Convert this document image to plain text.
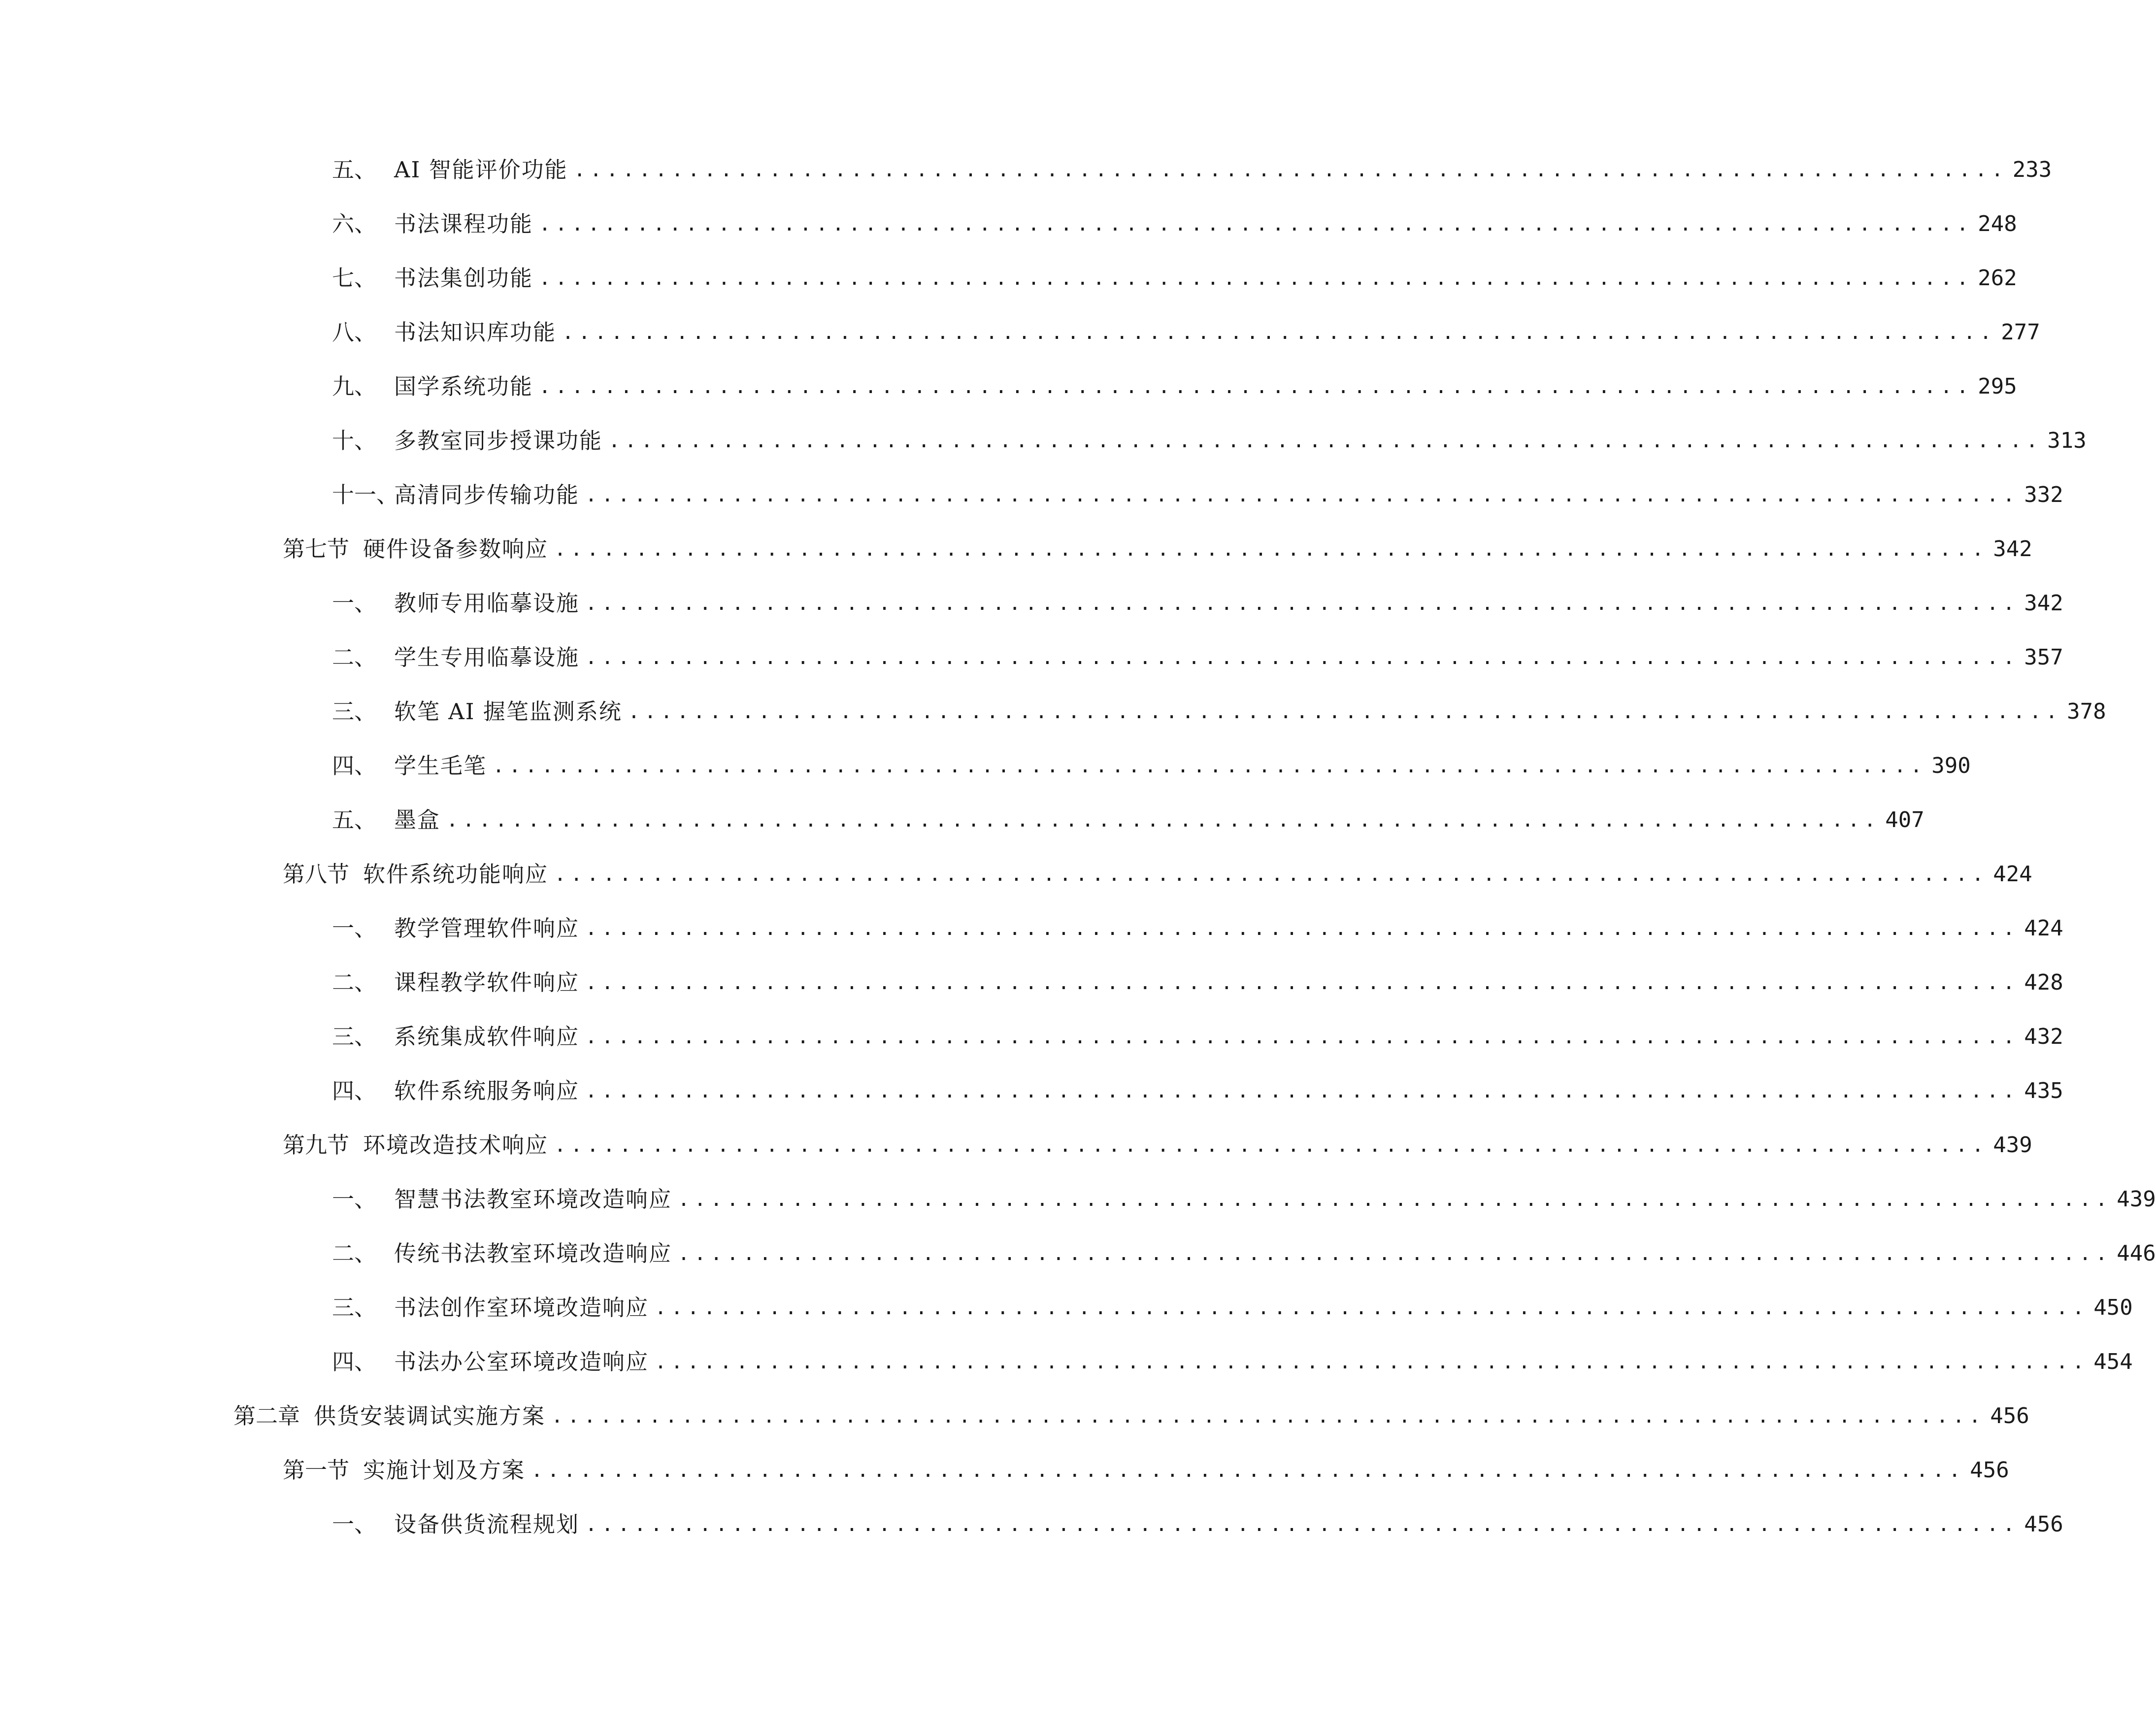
五、 AI 智能评价功能 ........................................................................................ 233
六、 书法课程功能 ........................................................................................ 248
七、 书法集创功能 ........................................................................................ 262
八、 书法知识库功能 ........................................................................................ 277
九、 国学系统功能 ........................................................................................ 295
十、 多教室同步授课功能 ........................................................................................ 313
十一、
高清同步传输功能 ........................................................................................ 332
第七节 硬件设备参数响应 ........................................................................................ 342
一、 教师专用临摹设施 ........................................................................................ 342
二、 学生专用临摹设施 ........................................................................................ 357
三、 软笔 AI 握笔监测系统 ........................................................................................ 378
四、 学生毛笔 ........................................................................................ 390
五、 墨盒 ........................................................................................ 407
第八节 软件系统功能响应 ........................................................................................ 424
一、 教学管理软件响应 ........................................................................................ 424
二、 课程教学软件响应 ........................................................................................ 428
三、 系统集成软件响应 ........................................................................................ 432
四、 软件系统服务响应 ........................................................................................ 435
第九节 环境改造技术响应 ........................................................................................ 439
一、 智慧书法教室环境改造响应 ........................................................................................ 439
二、 传统书法教室环境改造响应 ........................................................................................ 446
三、 书法创作室环境改造响应 ........................................................................................ 450
四、 书法办公室环境改造响应 ........................................................................................ 454
第二章 供货安装调试实施方案 ........................................................................................ 456
第一节 实施计划及方案 ........................................................................................ 456
一、 设备供货流程规划 ........................................................................................ 456
